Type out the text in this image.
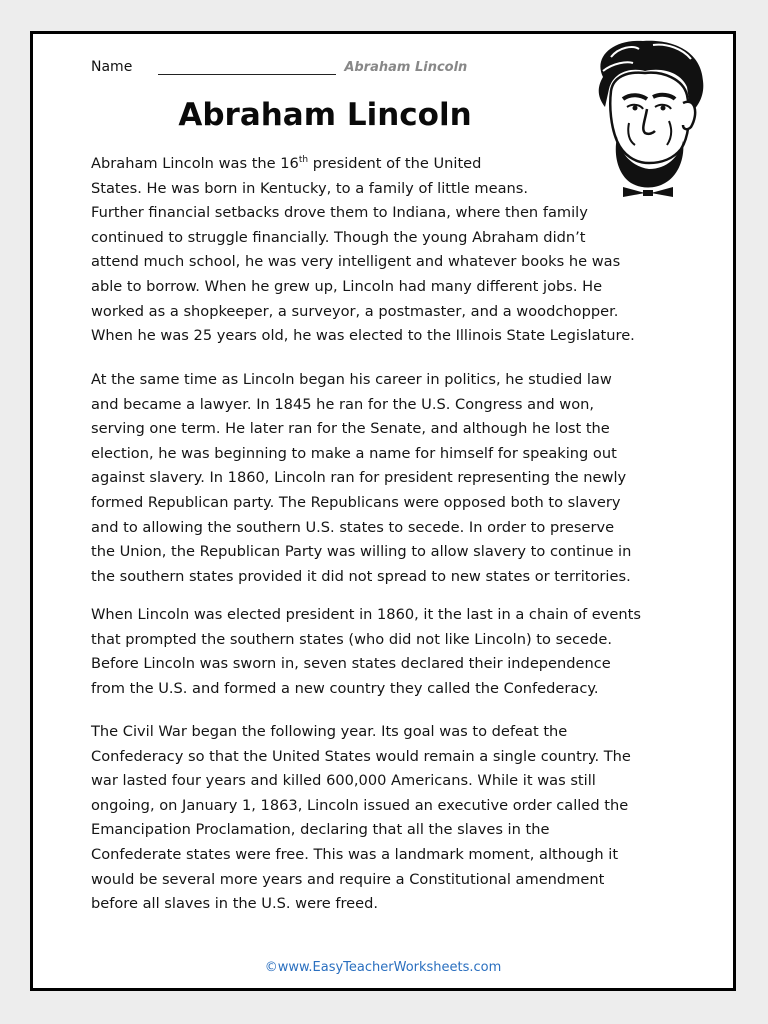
Name	Abraham Lincoln
Abraham Lincoln

Abraham Lincoln was the 16th president of the United
States. He was born in Kentucky, to a family of little means.
Further financial setbacks drove them to Indiana, where then family
continued to struggle financially. Though the young Abraham didn’t
attend much school, he was very intelligent and whatever books he was
able to borrow. When he grew up, Lincoln had many different jobs. He
worked as a shopkeeper, a surveyor, a postmaster, and a woodchopper.
When he was 25 years old, he was elected to the Illinois State Legislature.

At the same time as Lincoln began his career in politics, he studied law
and became a lawyer. In 1845 he ran for the U.S. Congress and won,
serving one term. He later ran for the Senate, and although he lost the
election, he was beginning to make a name for himself for speaking out
against slavery. In 1860, Lincoln ran for president representing the newly
formed Republican party. The Republicans were opposed both to slavery
and to allowing the southern U.S. states to secede. In order to preserve
the Union, the Republican Party was willing to allow slavery to continue in
the southern states provided it did not spread to new states or territories.

When Lincoln was elected president in 1860, it the last in a chain of events
that prompted the southern states (who did not like Lincoln) to secede.
Before Lincoln was sworn in, seven states declared their independence
from the U.S. and formed a new country they called the Confederacy.

The Civil War began the following year. Its goal was to defeat the
Confederacy so that the United States would remain a single country. The
war lasted four years and killed 600,000 Americans. While it was still
ongoing, on January 1, 1863, Lincoln issued an executive order called the
Emancipation Proclamation, declaring that all the slaves in the
Confederate states were free. This was a landmark moment, although it
would be several more years and require a Constitutional amendment
before all slaves in the U.S. were freed.

©www.EasyTeacherWorksheets.com
